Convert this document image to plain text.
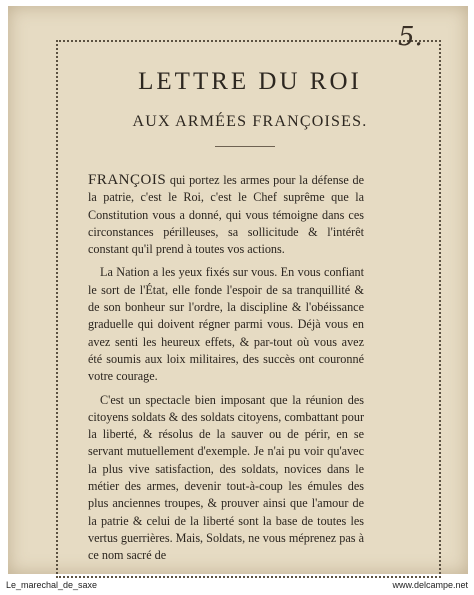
5.
LETTRE DU ROI
AUX ARMÉES FRANÇOISES.

FRANÇOIS qui portez les armes pour la défense de la patrie, c'est le Roi, c'est le Chef suprême que la Constitution vous a donné, qui vous témoigne dans ces circonstances périlleuses, sa sollicitude & l'intérêt constant qu'il prend à toutes vos actions.

La Nation a les yeux fixés sur vous. En vous confiant le sort de l'État, elle fonde l'espoir de sa tranquillité & de son bonheur sur l'ordre, la discipline & l'obéissance graduelle qui doivent régner parmi vous. Déjà vous en avez senti les heureux effets, & par-tout où vous avez été soumis aux loix militaires, des succès ont couronné votre courage.

C'est un spectacle bien imposant que la réunion des citoyens soldats & des soldats citoyens, combattant pour la liberté, & résolus de la sauver ou de périr, en se servant mutuellement d'exemple. Je n'ai pu voir qu'avec la plus vive satisfaction, des soldats, novices dans le métier des armes, devenir tout-à-coup les émules des plus anciennes troupes, & prouver ainsi que l'amour de la patrie & celui de la liberté sont la base de toutes les vertus guerrières. Mais, Soldats, ne vous méprenez pas à ce nom sacré de

Le_marechal_de_saxe	www.delcampe.net
